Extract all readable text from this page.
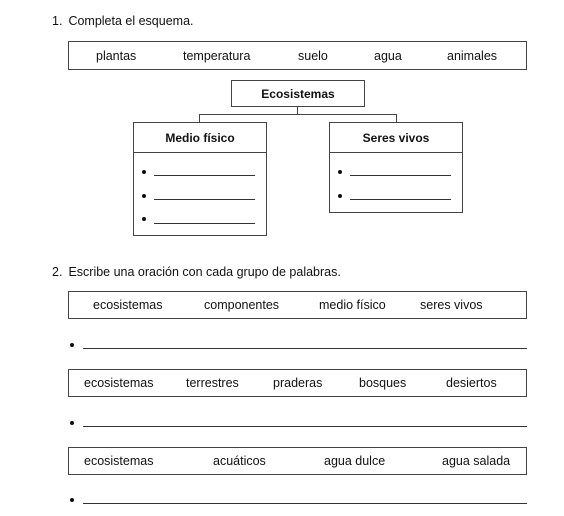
1. Completa el esquema.
plantas	temperatura	suelo	agua	animales
Ecosistemas
Medio físico	Seres vivos
2. Escribe una oración con cada grupo de palabras.
ecosistemas	componentes	medio físico	seres vivos
ecosistemas	terrestres	praderas	bosques	desiertos
ecosistemas	acuáticos	agua dulce	agua salada
